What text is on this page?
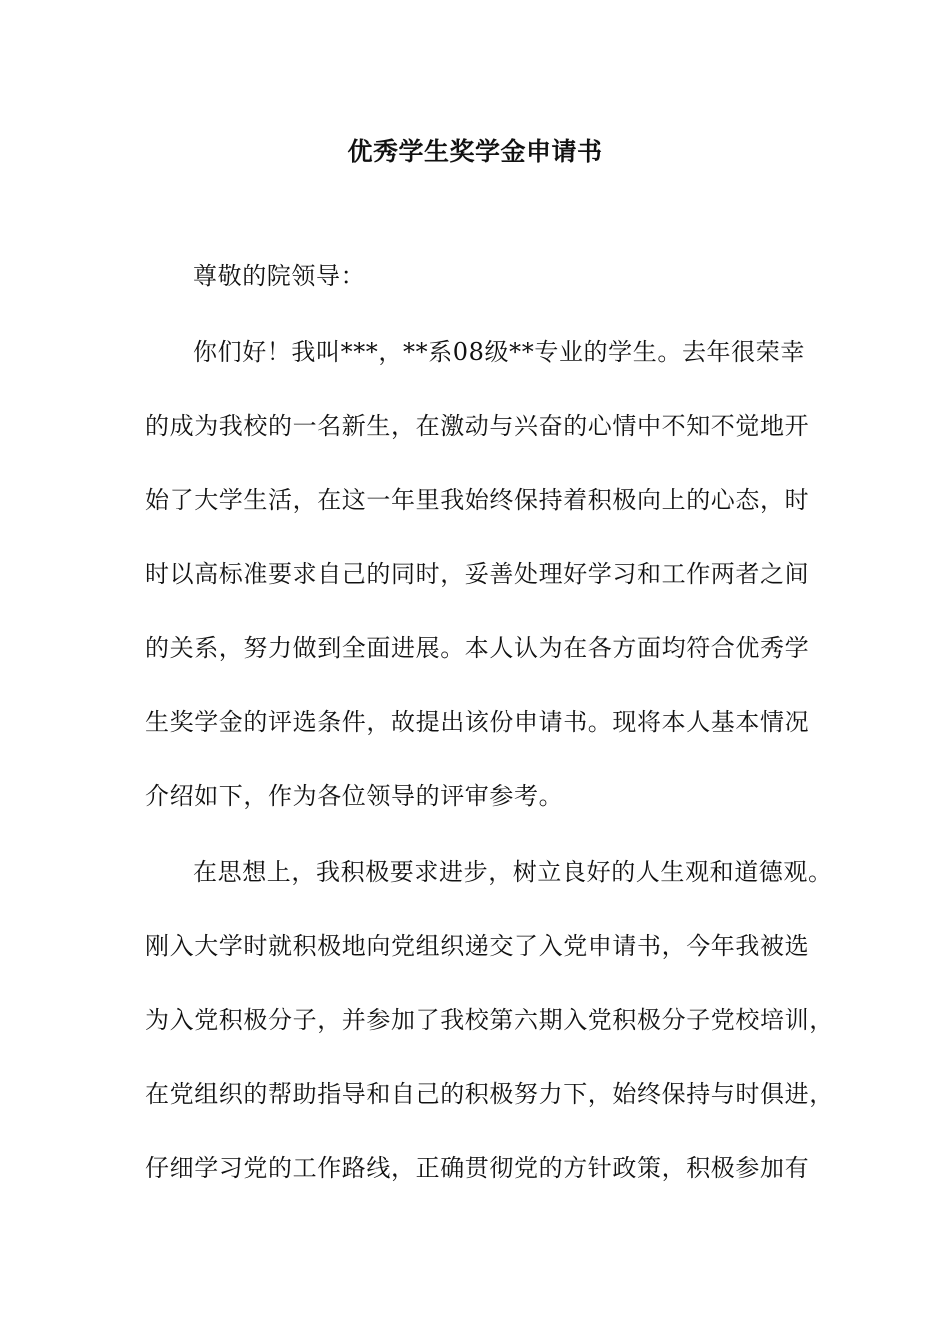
优秀学生奖学金申请书
尊敬的院领导：
你们好！我叫***，**系08级**专业的学生。去年很荣幸
的成为我校的一名新生，在激动与兴奋的心情中不知不觉地开
始了大学生活，在这一年里我始终保持着积极向上的心态，时
时以高标准要求自己的同时，妥善处理好学习和工作两者之间
的关系，努力做到全面进展。本人认为在各方面均符合优秀学
生奖学金的评选条件，故提出该份申请书。现将本人基本情况
介绍如下，作为各位领导的评审参考。
在思想上，我积极要求进步，树立良好的人生观和道德观。
刚入大学时就积极地向党组织递交了入党申请书，今年我被选
为入党积极分子，并参加了我校第六期入党积极分子党校培训，
在党组织的帮助指导和自己的积极努力下，始终保持与时俱进，
仔细学习党的工作路线，正确贯彻党的方针政策，积极参加有
